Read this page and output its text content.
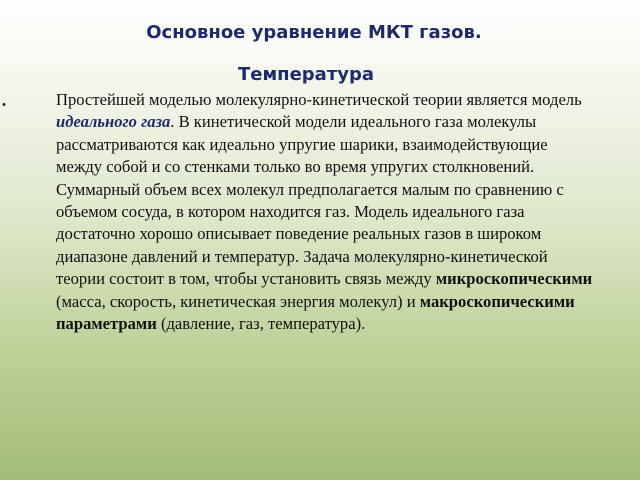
Основное уравнение МКТ газов.
Температура
•	Простейшей моделью молекулярно-кинетической теории является модель идеального газа. В кинетической модели идеального газа молекулы рассматриваются как идеально упругие шарики, взаимодействующие между собой и со стенками только во время упругих столкновений. Суммарный объем всех молекул предполагается малым по сравнению с объемом сосуда, в котором находится газ. Модель идеального газа достаточно хорошо описывает поведение реальных газов в широком диапазоне давлений и температур. Задача молекулярно-кинетической теории состоит в том, чтобы установить связь между микроскопическими (масса, скорость, кинетическая энергия молекул) и макроскопическими параметрами (давление, газ, температура).
